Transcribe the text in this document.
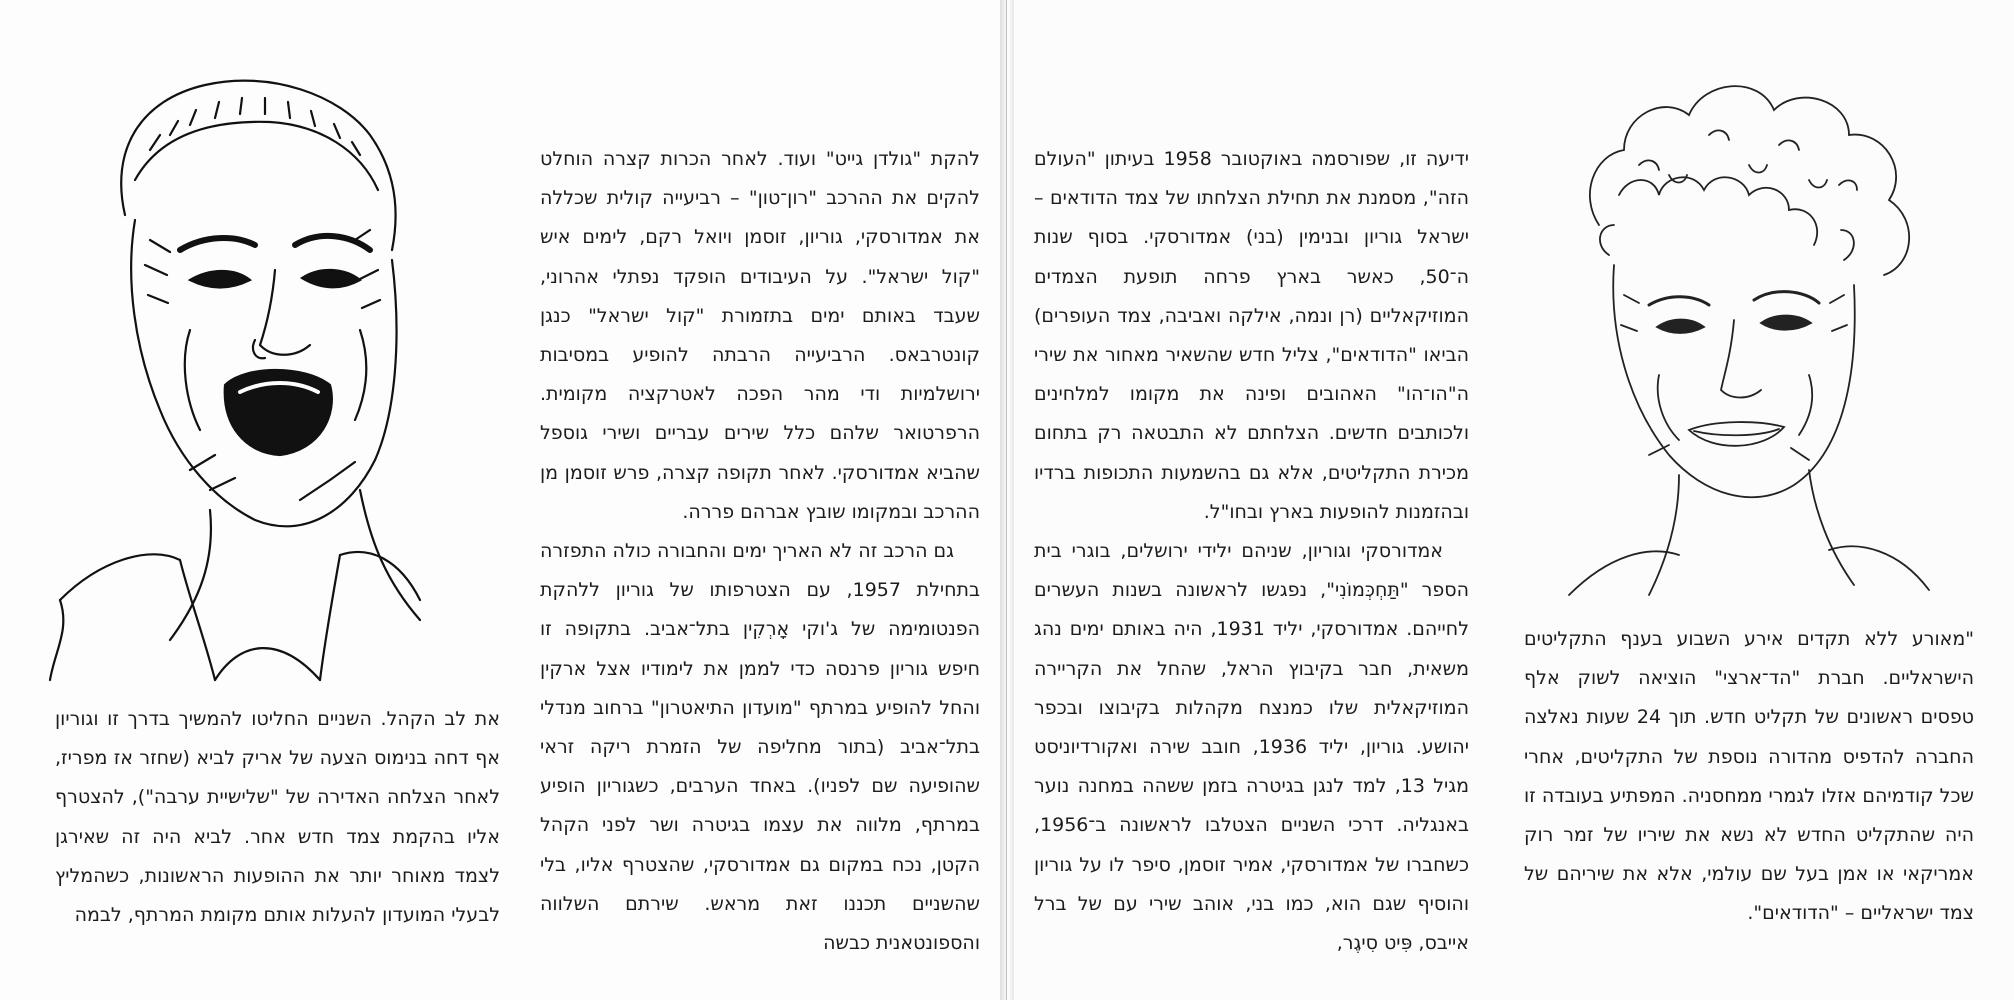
להקת "גולדן גייט" ועוד. לאחר הכרות קצרה הוחלט להקים את ההרכב "רון־טון" – רביעייה קולית שכללה את אמדורסקי, גוריון, זוסמן ויואל רקם, לימים איש "קול ישראל". על העיבודים הופקד נפתלי אהרוני, שעבד באותם ימים בתזמורת "קול ישראל" כנגן קונטרבאס. הרביעייה הרבתה להופיע במסיבות ירושלמיות ודי מהר הפכה לאטרקציה מקומית. הרפרטואר שלהם כלל שירים עבריים ושירי גוספל שהביא אמדורסקי. לאחר תקופה קצרה, פרש זוסמן מן ההרכב ובמקומו שובץ אברהם פררה.

גם הרכב זה לא האריך ימים והחבורה כולה התפזרה בתחילת 1957, עם הצטרפותו של גוריון ללהקת הפנטומימה של ג'וקי אָרְקִין בתל־אביב. בתקופה זו חיפש גוריון פרנסה כדי לממן את לימודיו אצל ארקין והחל להופיע במרתף "מועדון התיאטרון" ברחוב מנדלי בתל־אביב (בתור מחליפה של הזמרת ריקה זראי שהופיעה שם לפניו). באחד הערבים, כשגוריון הופיע במרתף, מלווה את עצמו בגיטרה ושר לפני הקהל הקטן, נכח במקום גם אמדורסקי, שהצטרף אליו, בלי שהשניים תכננו זאת מראש. שירתם השלווה והספונטאנית כבשה

את לב הקהל. השניים החליטו להמשיך בדרך זו וגוריון אף דחה בנימוס הצעה של אריק לביא (שחזר אז מפריז, לאחר הצלחה האדירה של "שלישיית ערבה"), להצטרף אליו בהקמת צמד חדש אחר. לביא היה זה שאירגן לצמד מאוחר יותר את ההופעות הראשונות, כשהמליץ לבעלי המועדון להעלות אותם מקומת המרתף, לבמה

ידיעה זו, שפורסמה באוקטובר 1958 בעיתון "העולם הזה", מסמנת את תחילת הצלחתו של צמד הדודאים – ישראל גוריון ובנימין (בני) אמדורסקי. בסוף שנות ה־50, כאשר בארץ פרחה תופעת הצמדים המוזיקאליים (רן ונמה, אילקה ואביבה, צמד העופרים) הביאו "הדודאים", צליל חדש שהשאיר מאחור את שירי ה"הו־הו" האהובים ופינה את מקומו למלחינים ולכותבים חדשים. הצלחתם לא התבטאה רק בתחום מכירת התקליטים, אלא גם בהשמעות התכופות ברדיו ובהזמנות להופעות בארץ ובחו"ל.

אמדורסקי וגוריון, שניהם ילידי ירושלים, בוגרי בית הספר "תַּחְכְּמוֹנִי", נפגשו לראשונה בשנות העשרים לחייהם. אמדורסקי, יליד 1931, היה באותם ימים נהג משאית, חבר בקיבוץ הראל, שהחל את הקריירה המוזיקאלית שלו כמנצח מקהלות בקיבוצו ובכפר יהושע. גוריון, יליד 1936, חובב שירה ואקורדיוניסט מגיל 13, למד לנגן בגיטרה בזמן ששהה במחנה נוער באנגליה. דרכי השניים הצטלבו לראשונה ב־1956, כשחברו של אמדורסקי, אמיר זוסמן, סיפר לו על גוריון והוסיף שגם הוא, כמו בני, אוהב שירי עם של ברל אייבס, פִּיט סִיגֶר,

"מאורע ללא תקדים אירע השבוע בענף התקליטים הישראליים. חברת "הד־ארצי" הוציאה לשוק אלף טפסים ראשונים של תקליט חדש. תוך 24 שעות נאלצה החברה להדפיס מהדורה נוספת של התקליטים, אחרי שכל קודמיהם אזלו לגמרי ממחסניה. המפתיע בעובדה זו היה שהתקליט החדש לא נשא את שיריו של זמר רוק אמריקאי או אמן בעל שם עולמי, אלא את שיריהם של צמד ישראליים – "הדודאים".
